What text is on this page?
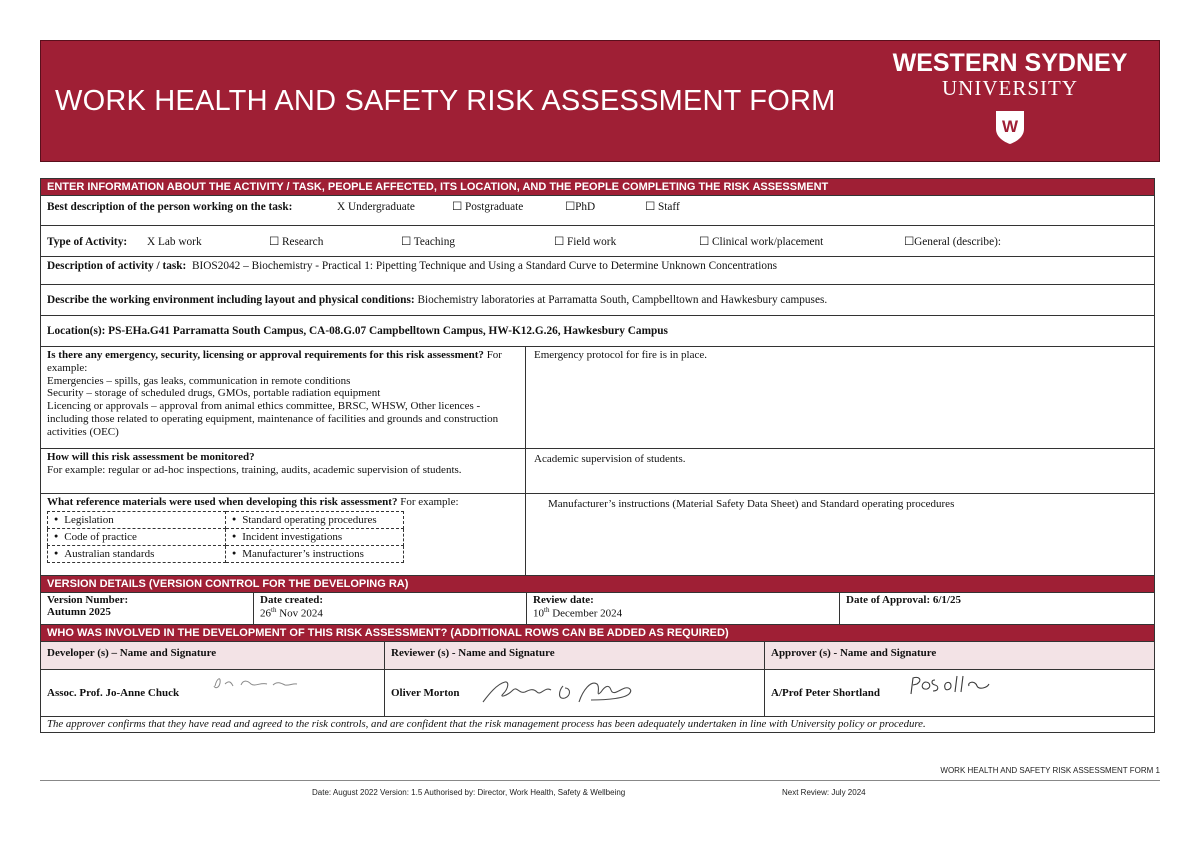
WORK HEALTH AND SAFETY RISK ASSESSMENT FORM
WESTERN SYDNEY
UNIVERSITY
W
ENTER INFORMATION ABOUT THE ACTIVITY / TASK, PEOPLE AFFECTED, ITS LOCATION, AND THE PEOPLE COMPLETING THE RISK ASSESSMENT
Best description of the person working on the task:	X Undergraduate	☐ Postgraduate	☐PhD	☐ Staff
Type of Activity: X Lab work	☐ Research	☐ Teaching	☐ Field work	☐ Clinical work/placement	☐General (describe):
Description of activity / task: BIOS2042 – Biochemistry - Practical 1: Pipetting Technique and Using a Standard Curve to Determine Unknown Concentrations
Describe the working environment including layout and physical conditions: Biochemistry laboratories at Parramatta South, Campbelltown and Hawkesbury campuses.
Location(s): PS-EHa.G41 Parramatta South Campus, CA-08.G.07 Campbelltown Campus, HW-K12.G.26, Hawkesbury Campus
Is there any emergency, security, licensing or approval requirements for this risk assessment? For example:
Emergencies – spills, gas leaks, communication in remote conditions
Security – storage of scheduled drugs, GMOs, portable radiation equipment
Licencing or approvals – approval from animal ethics committee, BRSC, WHSW, Other licences - including those related to operating equipment, maintenance of facilities and grounds and construction activities (OEC)
Emergency protocol for fire is in place.
How will this risk assessment be monitored?
For example: regular or ad-hoc inspections, training, audits, academic supervision of students.
Academic supervision of students.
What reference materials were used when developing this risk assessment? For example:
● Legislation	● Standard operating procedures
● Code of practice	● Incident investigations
● Australian standards	● Manufacturer’s instructions
Manufacturer’s instructions (Material Safety Data Sheet) and Standard operating procedures
VERSION DETAILS (VERSION CONTROL FOR THE DEVELOPING RA)
Version Number:
Autumn 2025
Date created:
26th Nov 2024
Review date:
10th December 2024
Date of Approval: 6/1/25
WHO WAS INVOLVED IN THE DEVELOPMENT OF THIS RISK ASSESSMENT? (ADDITIONAL ROWS CAN BE ADDED AS REQUIRED)
Developer (s) – Name and Signature	Reviewer (s) - Name and Signature	Approver (s) - Name and Signature
Assoc. Prof. Jo-Anne Chuck	Oliver Morton	A/Prof Peter Shortland
The approver confirms that they have read and agreed to the risk controls, and are confident that the risk management process has been adequately undertaken in line with University policy or procedure.
WORK HEALTH AND SAFETY RISK ASSESSMENT FORM 1
Date: August 2022 Version: 1.5 Authorised by: Director, Work Health, Safety & Wellbeing	Next Review: July 2024
